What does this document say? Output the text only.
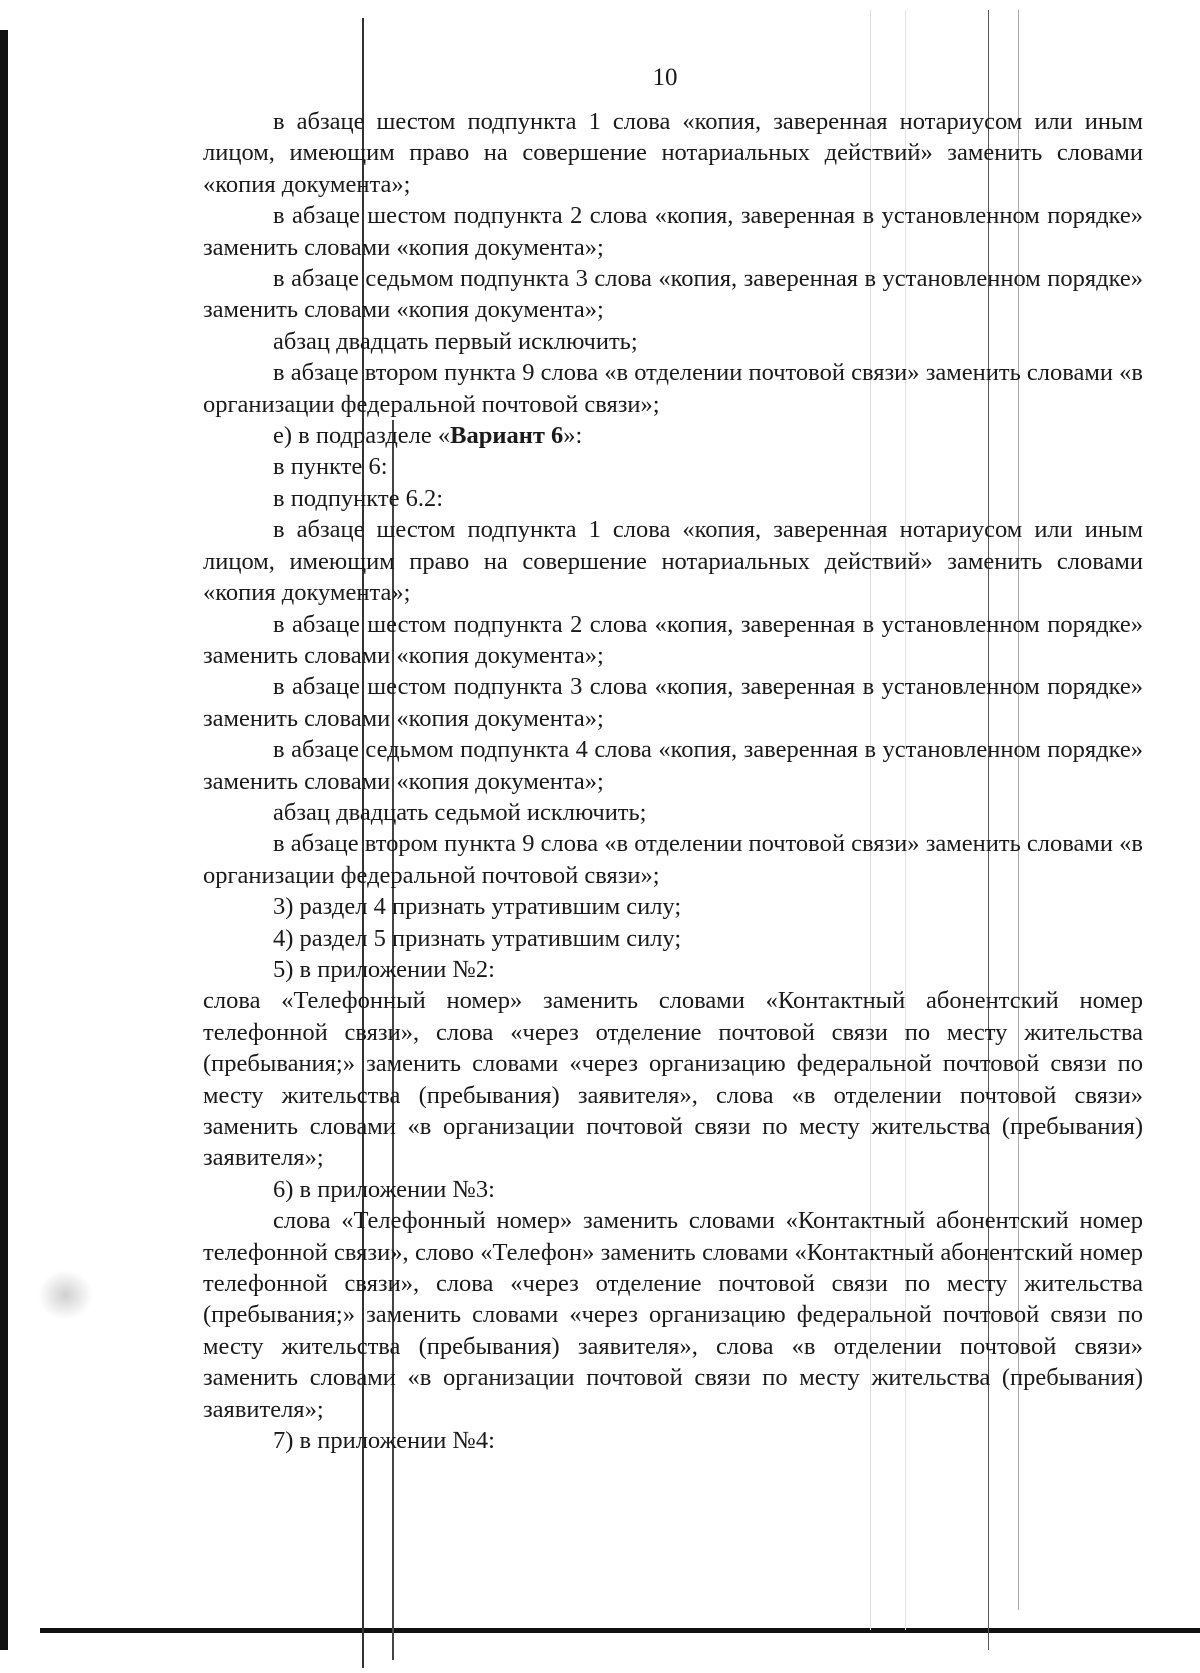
10

в абзаце шестом подпункта 1 слова «копия, заверенная нотариусом или иным лицом, имеющим право на совершение нотариальных действий» заменить словами «копия документа»;

в абзаце шестом подпункта 2 слова «копия, заверенная в установленном порядке» заменить словами «копия документа»;

в абзаце седьмом подпункта 3 слова «копия, заверенная в установленном порядке» заменить словами «копия документа»;

абзац двадцать первый исключить;

в абзаце втором пункта 9 слова «в отделении почтовой связи» заменить словами «в организации федеральной почтовой связи»;

е) в подразделе «Вариант 6»:

в пункте 6:

в подпункте 6.2:

в абзаце шестом подпункта 1 слова «копия, заверенная нотариусом или иным лицом, имеющим право на совершение нотариальных действий» заменить словами «копия документа»;

в абзаце шестом подпункта 2 слова «копия, заверенная в установленном порядке» заменить словами «копия документа»;

в абзаце шестом подпункта 3 слова «копия, заверенная в установленном порядке» заменить словами «копия документа»;

в абзаце седьмом подпункта 4 слова «копия, заверенная в установленном порядке» заменить словами «копия документа»;

абзац двадцать седьмой исключить;

в абзаце втором пункта 9 слова «в отделении почтовой связи» заменить словами «в организации федеральной почтовой связи»;

3) раздел 4 признать утратившим силу;

4) раздел 5 признать утратившим силу;

5) в приложении №2:

слова «Телефонный номер» заменить словами «Контактный абонентский номер телефонной связи», слова «через отделение почтовой связи по месту жительства (пребывания;» заменить словами «через организацию федеральной почтовой связи по месту жительства (пребывания) заявителя», слова «в отделении почтовой связи» заменить словами «в организации почтовой связи по месту жительства (пребывания) заявителя»;

6) в приложении №3:

слова «Телефонный номер» заменить словами «Контактный абонентский номер телефонной связи», слово «Телефон» заменить словами «Контактный абонентский номер телефонной связи», слова «через отделение почтовой связи по месту жительства (пребывания;» заменить словами «через организацию федеральной почтовой связи по месту жительства (пребывания) заявителя», слова «в отделении почтовой связи» заменить словами «в организации почтовой связи по месту жительства (пребывания) заявителя»;

7) в приложении №4:
